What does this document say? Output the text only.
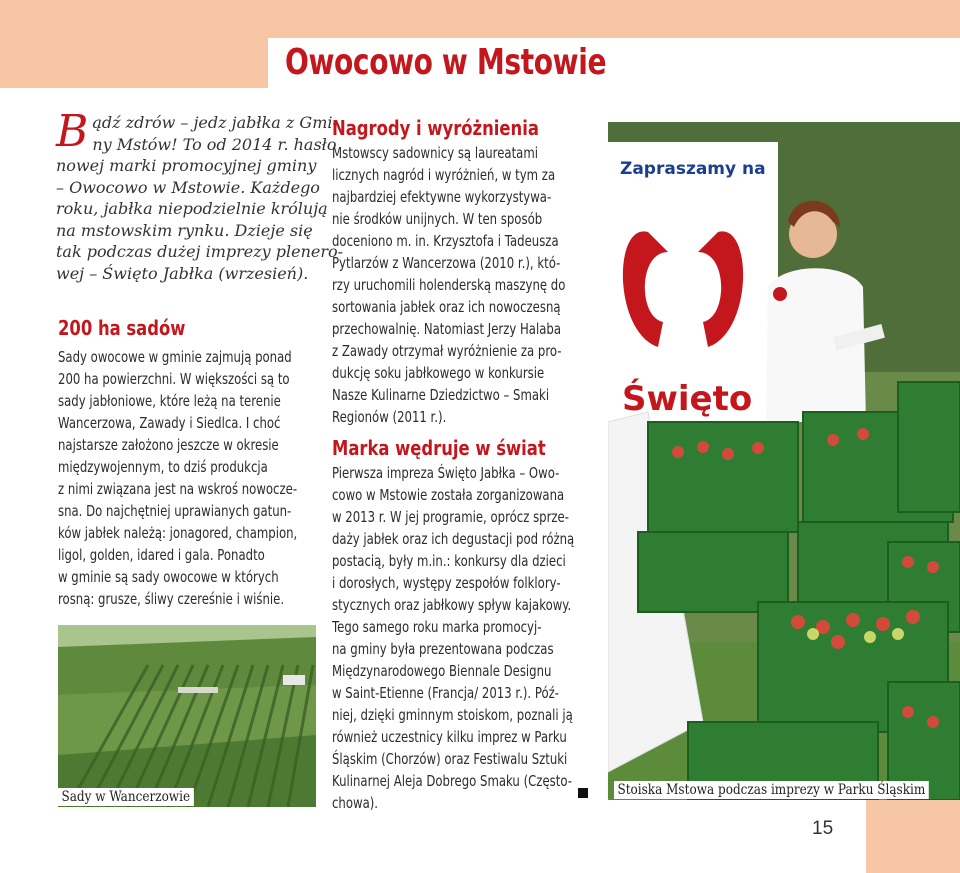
Owocowo w Mstowie
B ądź zdrów – jedz jabłka z Gmi-
ny Mstów! To od 2014 r. hasło
nowej marki promocyjnej gminy
– Owocowo w Mstowie. Każdego
roku, jabłka niepodzielnie królują
na mstowskim rynku. Dzieje się
tak podczas dużej imprezy plenero-
wej – Święto Jabłka (wrzesień).
200 ha sadów
Sady owocowe w gminie zajmują ponad
200 ha powierzchni. W większości są to
sady jabłoniowe, które leżą na terenie
Wancerzowa, Zawady i Siedlca. I choć
najstarsze założono jeszcze w okresie
międzywojennym, to dziś produkcja
z nimi związana jest na wskroś nowocze-
sna. Do najchętniej uprawianych gatun-
ków jabłek należą: jonagored, champion,
ligol, golden, idared i gala. Ponadto
w gminie są sady owocowe w których
rosną: grusze, śliwy czereśnie i wiśnie.
Sady w Wancerzowie
Nagrody i wyróżnienia
Mstowscy sadownicy są laureatami
licznych nagród i wyróżnień, w tym za
najbardziej efektywne wykorzystywa-
nie środków unijnych. W ten sposób
doceniono m. in. Krzysztofa i Tadeusza
Pytlarzów z Wancerzowa (2010 r.), któ-
rzy uruchomili holenderską maszynę do
sortowania jabłek oraz ich nowoczesną
przechowalnię. Natomiast Jerzy Halaba
z Zawady otrzymał wyróżnienie za pro-
dukcję soku jabłkowego w konkursie
Nasze Kulinarne Dziedzictwo – Smaki
Regionów (2011 r.).
Marka wędruje w świat
Pierwsza impreza Święto Jabłka – Owo-
cowo w Mstowie została zorganizowana
w 2013 r. W jej programie, oprócz sprze-
daży jabłek oraz ich degustacji pod różną
postacią, były m.in.: konkursy dla dzieci
i dorosłych, występy zespołów folklory-
stycznych oraz jabłkowy spływ kajakowy.
Tego samego roku marka promocyj-
na gminy była prezentowana podczas
Międzynarodowego Biennale Designu
w Saint-Etienne (Francja/ 2013 r.). Póź-
niej, dzięki gminnym stoiskom, poznali ją
również uczestnicy kilku imprez w Parku
Śląskim (Chorzów) oraz Festiwalu Sztuki
Kulinarnej Aleja Dobrego Smaku (Często-
chowa).
Zapraszamy na
Święto
Stoiska Mstowa podczas imprezy w Parku Śląskim
15
